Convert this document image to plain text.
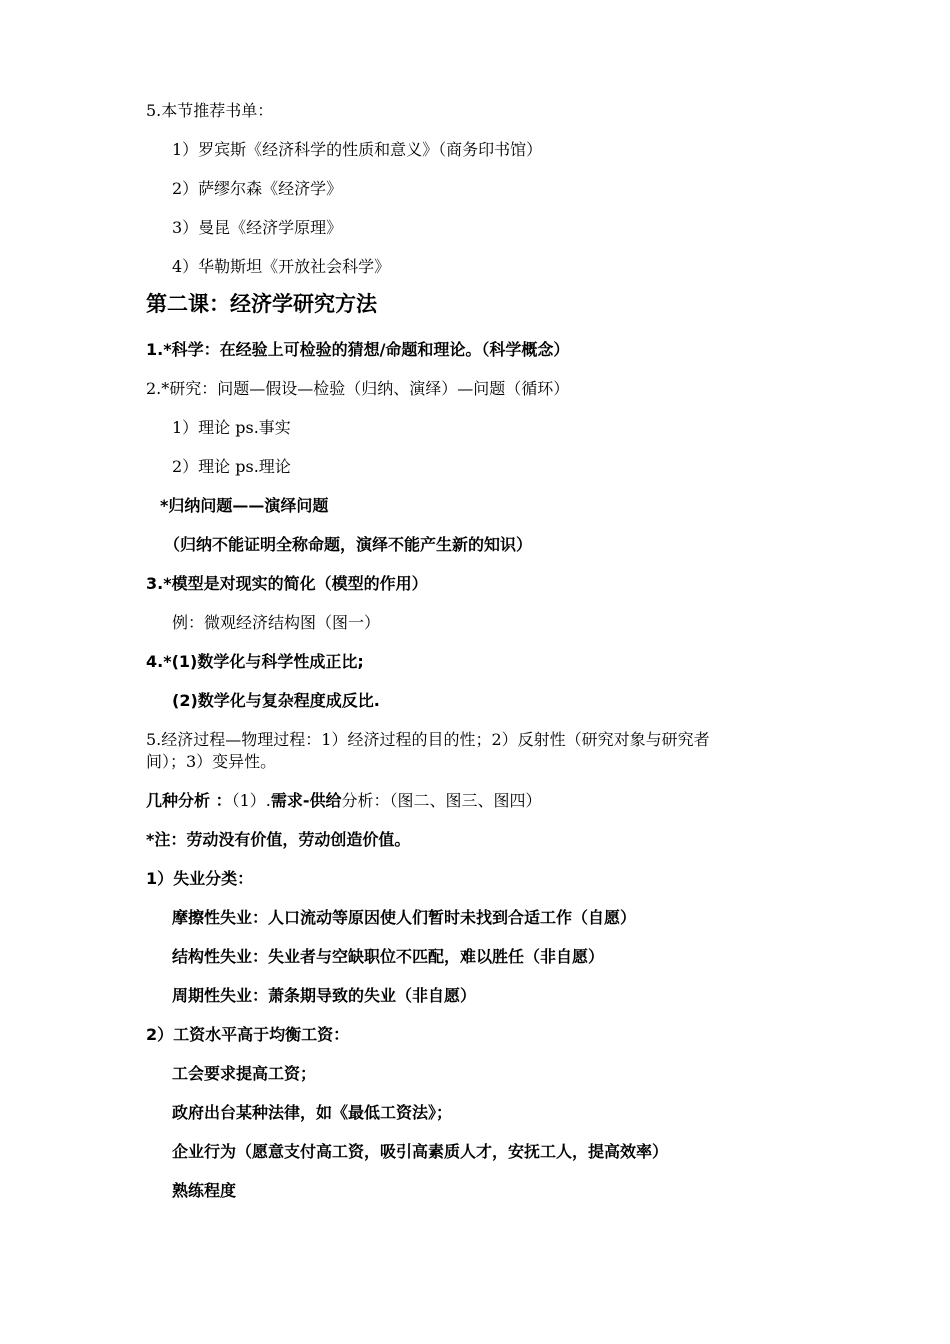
5.本节推荐书单：
1）罗宾斯《经济科学的性质和意义》（商务印书馆）
2）萨缪尔森《经济学》
3）曼昆《经济学原理》
4）华勒斯坦《开放社会科学》
第二课：经济学研究方法
1.*科学：在经验上可检验的猜想/命题和理论。（科学概念）
2.*研究：问题—假设—检验（归纳、演绎）—问题（循环）
1）理论 ps.事实
2）理论 ps.理论
*归纳问题——演绎问题
（归纳不能证明全称命题，演绎不能产生新的知识）
3.*模型是对现实的简化（模型的作用）
例：微观经济结构图（图一）
4.*(1)数学化与科学性成正比;
(2)数学化与复杂程度成反比.
5.经济过程—物理过程：1）经济过程的目的性；2）反射性（研究对象与研究者
间）；3）变异性。
几种分析 ：（1）.需求-供给分析：（图二、图三、图四）
*注：劳动没有价值，劳动创造价值。
1）失业分类：
摩擦性失业：人口流动等原因使人们暂时未找到合适工作（自愿）
结构性失业：失业者与空缺职位不匹配，难以胜任（非自愿）
周期性失业：萧条期导致的失业（非自愿）
2）工资水平高于均衡工资：
工会要求提高工资；
政府出台某种法律，如《最低工资法》；
企业行为（愿意支付高工资，吸引高素质人才，安抚工人，提高效率）
熟练程度
